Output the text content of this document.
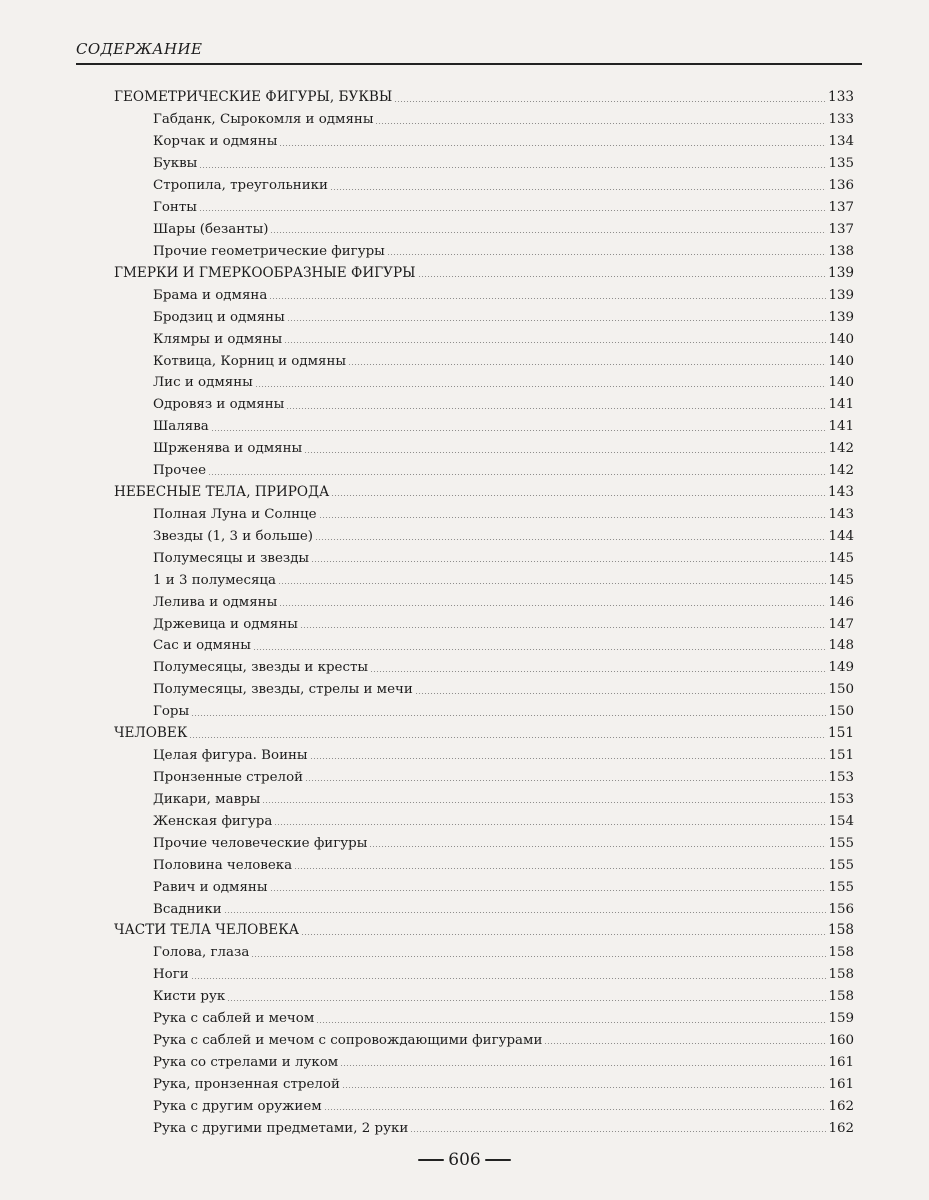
СОДЕРЖАНИЕ
ГЕОМЕТРИЧЕСКИЕ ФИГУРЫ, БУКВЫ	133
Габданк, Сырокомля и одмяны	133
Корчак и одмяны	134
Буквы	135
Стропила, треугольники	136
Гонты	137
Шары (безанты)	137
Прочие геометрические фигуры	138
ГМЕРКИ И ГМЕРКООБРАЗНЫЕ ФИГУРЫ	139
Брама и одмяна	139
Бродзиц и одмяны	139
Клямры и одмяны	140
Котвица, Корниц и одмяны	140
Лис и одмяны	140
Одровяз и одмяны	141
Шалява	141
Шрженява и одмяны	142
Прочее	142
НЕБЕСНЫЕ ТЕЛА, ПРИРОДА	143
Полная Луна и Солнце	143
Звезды (1, 3 и больше)	144
Полумесяцы и звезды	145
1 и 3 полумесяца	145
Лелива и одмяны	146
Држевица и одмяны	147
Сас и одмяны	148
Полумесяцы, звезды и кресты	149
Полумесяцы, звезды, стрелы и мечи	150
Горы	150
ЧЕЛОВЕК	151
Целая фигура. Воины	151
Пронзенные стрелой	153
Дикари, мавры	153
Женская фигура	154
Прочие человеческие фигуры	155
Половина человека	155
Равич и одмяны	155
Всадники	156
ЧАСТИ ТЕЛА ЧЕЛОВЕКА	158
Голова, глаза	158
Ноги	158
Кисти рук	158
Рука с саблей и мечом	159
Рука с саблей и мечом с сопровождающими фигурами	160
Рука со стрелами и луком	161
Рука, пронзенная стрелой	161
Рука с другим оружием	162
Рука с другими предметами, 2 руки	162
606
